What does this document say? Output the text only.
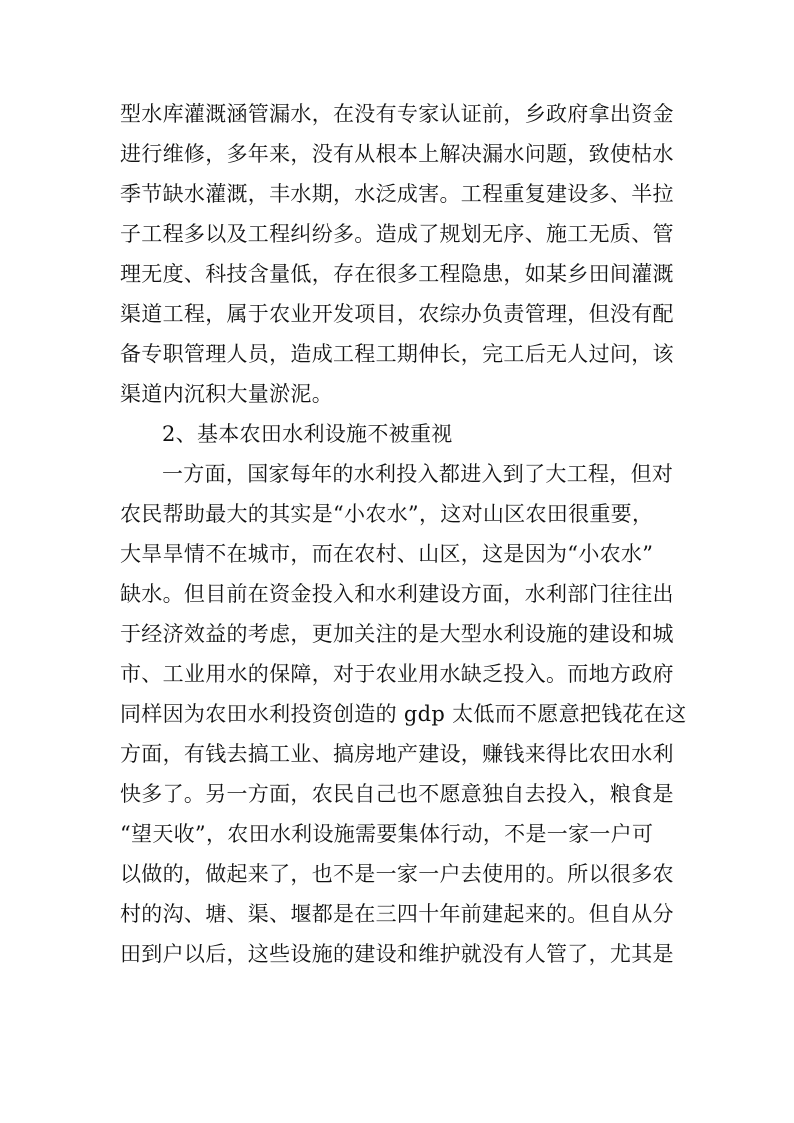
型水库灌溉涵管漏水，在没有专家认证前，乡政府拿出资金
进行维修，多年来，没有从根本上解决漏水问题，致使枯水
季节缺水灌溉，丰水期，水泛成害。工程重复建设多、半拉
子工程多以及工程纠纷多。造成了规划无序、施工无质、管
理无度、科技含量低，存在很多工程隐患，如某乡田间灌溉
渠道工程，属于农业开发项目，农综办负责管理，但没有配
备专职管理人员，造成工程工期伸长，完工后无人过问，该
渠道内沉积大量淤泥。
2、基本农田水利设施不被重视
一方面，国家每年的水利投入都进入到了大工程，但对
农民帮助最大的其实是“小农水”，这对山区农田很重要，
大旱旱情不在城市，而在农村、山区，这是因为“小农水”
缺水。但目前在资金投入和水利建设方面，水利部门往往出
于经济效益的考虑，更加关注的是大型水利设施的建设和城
市、工业用水的保障，对于农业用水缺乏投入。而地方政府
同样因为农田水利投资创造的 gdp 太低而不愿意把钱花在这
方面，有钱去搞工业、搞房地产建设，赚钱来得比农田水利
快多了。另一方面，农民自己也不愿意独自去投入，粮食是
“望天收”，农田水利设施需要集体行动，不是一家一户可
以做的，做起来了，也不是一家一户去使用的。所以很多农
村的沟、塘、渠、堰都是在三四十年前建起来的。但自从分
田到户以后，这些设施的建设和维护就没有人管了，尤其是
